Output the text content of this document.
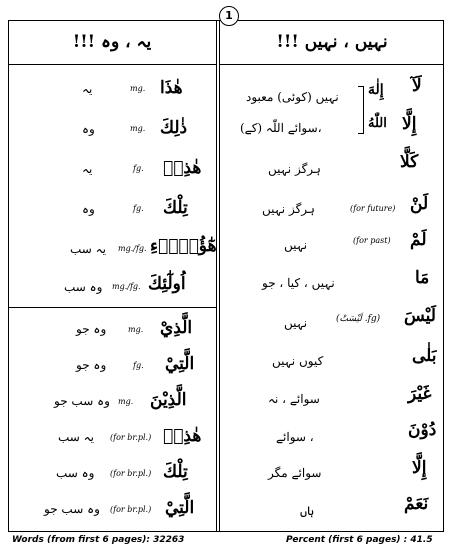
1
یہ ، وہ !!!	نہیں ، نہیں !!!
هٰذَا
mg.
یہ
ذٰلِكَ
mg.
وہ
هٰذِهٖ
fg.
یہ
تِلْكَ
fg.
وہ
هٰٓؤُلَاۤءِ
mg./fg.
یہ سب
اُولٰٓئِكَ
mg./fg.
وہ سب
الَّذِيْ
mg.
وہ جو
الَّتِيْ
fg.
وہ جو
الَّذِيْنَ
mg.
وہ سب جو
هٰذِهٖ
(for br.pl.)
یہ سب
تِلْكَ
(for br.pl.)
وہ سب
الَّتِيْ
(for br.pl.)
وہ سب جو
لَآ
إِلَّا
إِلٰهَ
اللّٰهُ
نہیں (کوئی) معبود
سوائے اللّٰہ (کے)،
كَلَّا
ہرگز نہیں
لَنْ
(for future)
ہرگز نہیں
لَمْ
(for past)
نہیں
مَا
نہیں ، کیا ، جو
لَيْسَ
(لَيْسَتْ .fg)
نہیں
بَلٰى
کیوں نہیں
غَيْرَ
سوائے ، نہ
دُوْنَ
سوائے ،
إِلَّا
سوائے مگر
نَعَمْ
ہاں
Words (from first 6 pages): 32263	Percent (first 6 pages) : 41.5
